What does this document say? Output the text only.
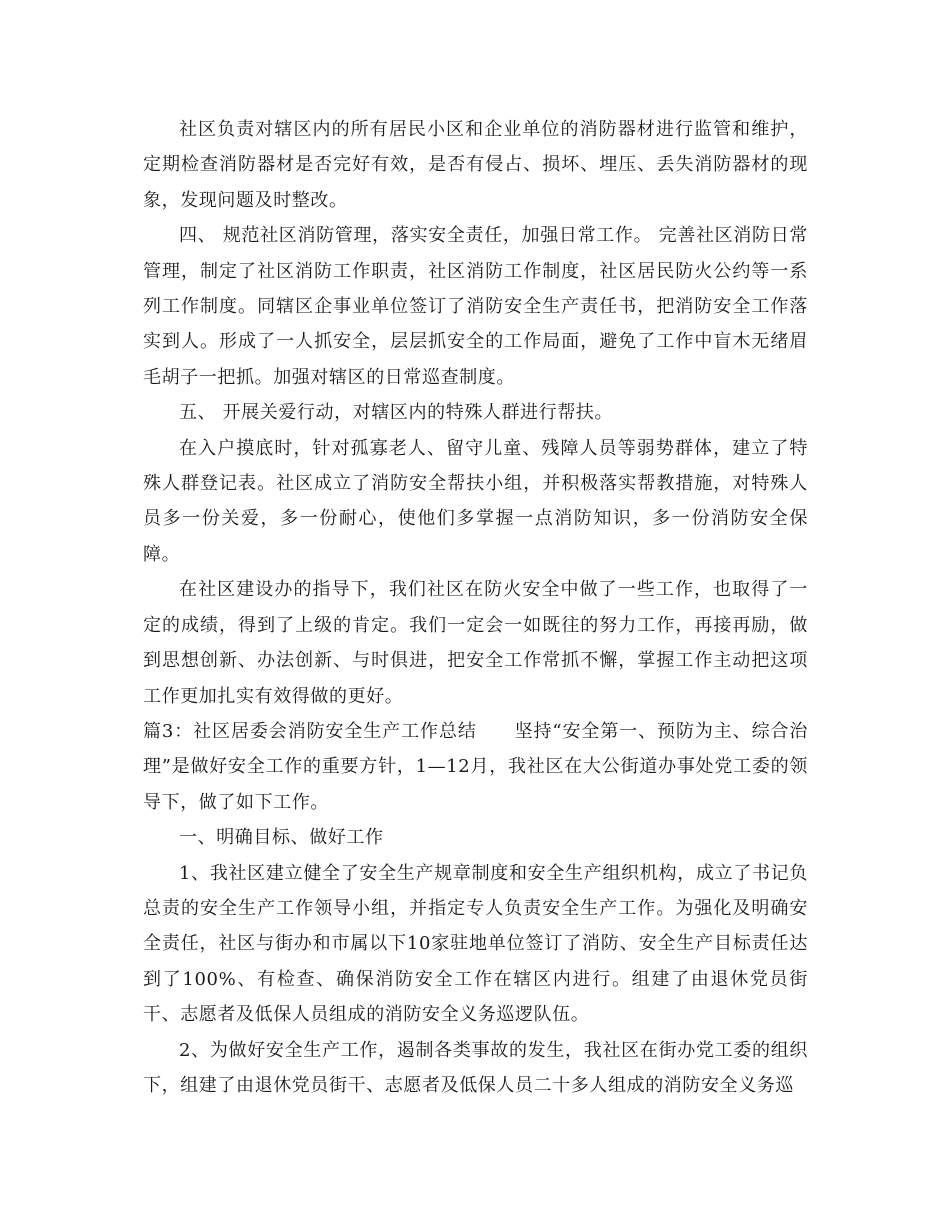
社区负责对辖区内的所有居民小区和企业单位的消防器材进行监管和维护，定期检查消防器材是否完好有效，是否有侵占、损坏、埋压、丢失消防器材的现象，发现问题及时整改。

四、 规范社区消防管理，落实安全责任，加强日常工作。 完善社区消防日常管理，制定了社区消防工作职责，社区消防工作制度，社区居民防火公约等一系列工作制度。同辖区企事业单位签订了消防安全生产责任书，把消防安全工作落实到人。形成了一人抓安全，层层抓安全的工作局面，避免了工作中盲木无绪眉毛胡子一把抓。加强对辖区的日常巡查制度。

五、 开展关爱行动，对辖区内的特殊人群进行帮扶。

在入户摸底时，针对孤寡老人、留守儿童、残障人员等弱势群体，建立了特殊人群登记表。社区成立了消防安全帮扶小组，并积极落实帮教措施，对特殊人员多一份关爱，多一份耐心，使他们多掌握一点消防知识，多一份消防安全保障。

在社区建设办的指导下，我们社区在防火安全中做了一些工作，也取得了一定的成绩，得到了上级的肯定。我们一定会一如既往的努力工作，再接再励，做到思想创新、办法创新、与时俱进，把安全工作常抓不懈，掌握工作主动把这项工作更加扎实有效得做的更好。

篇3：社区居委会消防安全生产工作总结　　坚持“安全第一、预防为主、综合治理”是做好安全工作的重要方针，1—12月，我社区在大公街道办事处党工委的领导下，做了如下工作。

一、明确目标、做好工作

1、我社区建立健全了安全生产规章制度和安全生产组织机构，成立了书记负总责的安全生产工作领导小组，并指定专人负责安全生产工作。为强化及明确安全责任，社区与街办和市属以下10家驻地单位签订了消防、安全生产目标责任达到了100%、有检查、确保消防安全工作在辖区内进行。组建了由退休党员街干、志愿者及低保人员组成的消防安全义务巡逻队伍。

2、为做好安全生产工作，遏制各类事故的发生，我社区在街办党工委的组织下，组建了由退休党员街干、志愿者及低保人员二十多人组成的消防安全义务巡
